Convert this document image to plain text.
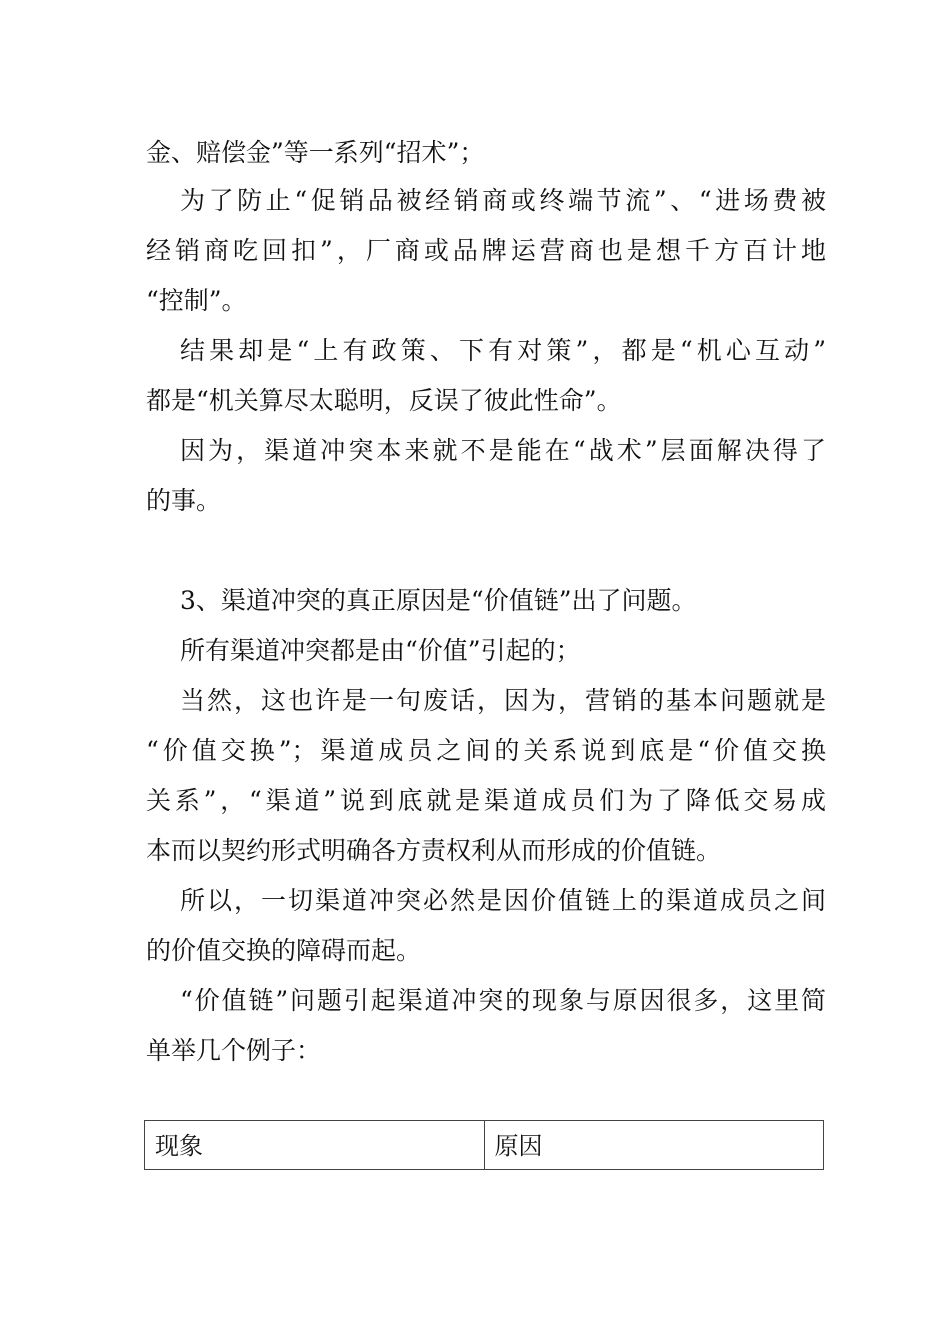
金、赔偿金”等一系列“招术”；
为了防止“促销品被经销商或终端节流”、“进场费被
经销商吃回扣”，厂商或品牌运营商也是想千方百计地
“控制”。
结果却是“上有政策、下有对策”，都是“机心互动”
都是“机关算尽太聪明，反误了彼此性命”。
因为，渠道冲突本来就不是能在“战术”层面解决得了
的事。
3、渠道冲突的真正原因是“价值链”出了问题。
所有渠道冲突都是由“价值”引起的；
当然，这也许是一句废话，因为，营销的基本问题就是
“价值交换”；渠道成员之间的关系说到底是“价值交换
关系”，“渠道”说到底就是渠道成员们为了降低交易成
本而以契约形式明确各方责权利从而形成的价值链。
所以，一切渠道冲突必然是因价值链上的渠道成员之间
的价值交换的障碍而起。
“价值链”问题引起渠道冲突的现象与原因很多，这里简
单举几个例子：
现象	原因
